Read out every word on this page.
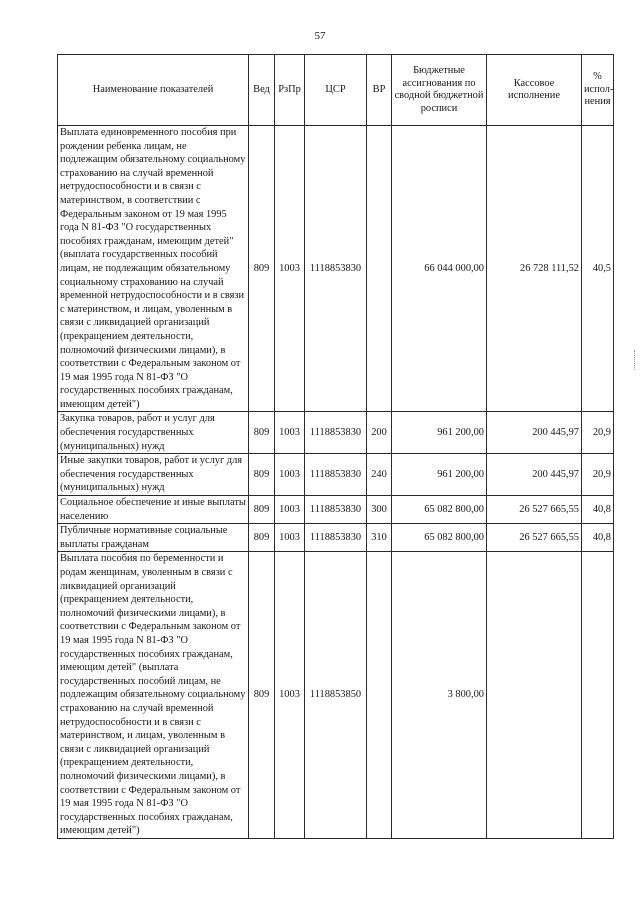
57
Наименование показателей	Вед	РзПр	ЦСР	ВР	Бюджетные ассигнования по сводной бюджетной росписи	Кассовое исполнение	% испол-нения
Выплата единовременного пособия при рождении ребенка лицам, не подлежащим обязательному социальному страхованию на случай временной нетрудоспособности и в связи с материнством, в соответствии с Федеральным законом от 19 мая 1995 года N 81-ФЗ "О государственных пособиях гражданам, имеющим детей" (выплата государственных пособий лицам, не подлежащим обязательному социальному страхованию на случай временной нетрудоспособности и в связи с материнством, и лицам, уволенным в связи с ликвидацией организаций (прекращением деятельности, полномочий физическими лицами), в соответствии с Федеральным законом от 19 мая 1995 года N 81-ФЗ "О государственных пособиях гражданам, имеющим детей")	809	1003	1118853830		66 044 000,00	26 728 111,52	40,5
Закупка товаров, работ и услуг для обеспечения государственных (муниципальных) нужд	809	1003	1118853830	200	961 200,00	200 445,97	20,9
Иные закупки товаров, работ и услуг для обеспечения государственных (муниципальных) нужд	809	1003	1118853830	240	961 200,00	200 445,97	20,9
Социальное обеспечение и иные выплаты населению	809	1003	1118853830	300	65 082 800,00	26 527 665,55	40,8
Публичные нормативные социальные выплаты гражданам	809	1003	1118853830	310	65 082 800,00	26 527 665,55	40,8
Выплата пособия по беременности и родам женщинам, уволенным в связи с ликвидацией организаций (прекращением деятельности, полномочий физическими лицами), в соответствии с Федеральным законом от 19 мая 1995 года N 81-ФЗ "О государственных пособиях гражданам, имеющим детей" (выплата государственных пособий лицам, не подлежащим обязательному социальному страхованию на случай временной нетрудоспособности и в связи с материнством, и лицам, уволенным в связи с ликвидацией организаций (прекращением деятельности, полномочий физическими лицами), в соответствии с Федеральным законом от 19 мая 1995 года N 81-ФЗ "О государственных пособиях гражданам, имеющим детей")	809	1003	1118853850		3 800,00		
